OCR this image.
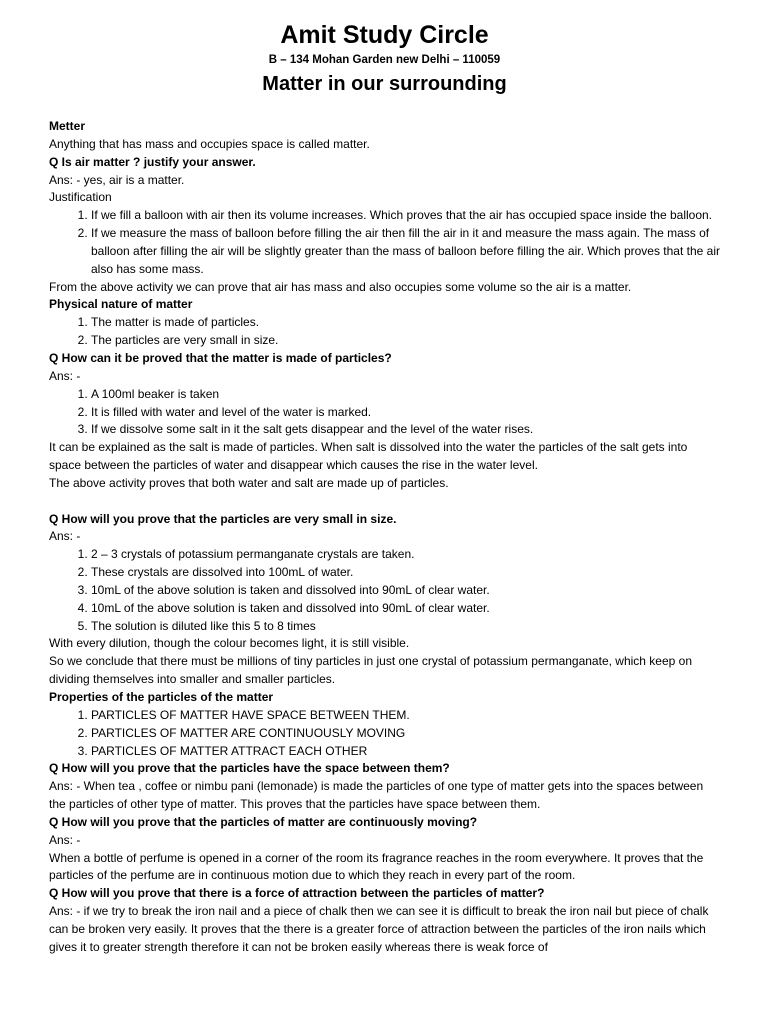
Amit Study Circle
B – 134 Mohan Garden new Delhi – 110059
Matter in our surrounding

Metter

Anything that has mass and occupies space is called matter.

Q Is air matter ? justify your answer.

Ans: - yes, air is a matter.

Justification

1. If we fill a balloon with air then its volume increases. Which proves that the air has occupied space inside the balloon.
2. If we measure the mass of balloon before filling the air then fill the air in it and measure the mass again. The mass of balloon after filling the air will be slightly greater than the mass of balloon before filling the air. Which proves that the air also has some mass.

From the above activity we can prove that air has mass and also occupies some volume so the air is a matter.

Physical nature of matter

1. The matter is made of particles.
2. The particles are very small in size.

Q How can it be proved that the matter is made of particles?

Ans: -

1. A 100ml beaker is taken
2. It is filled with water and level of the water is marked.
3. If we dissolve some salt in it the salt gets disappear and the level of the water rises.

It can be explained as the salt is made of particles. When salt is dissolved into the water the particles of the salt gets into space between the particles of water and disappear which causes the rise in the water level.

The above activity proves that both water and salt are made up of particles.

Q How will you prove that the particles are very small in size.

Ans: -

1. 2 – 3 crystals of potassium permanganate crystals are taken.
2. These crystals are dissolved into 100mL of water.
3. 10mL of the above solution is taken and dissolved into 90mL of clear water.
4. 10mL of the above solution is taken and dissolved into 90mL of clear water.
5. The solution is diluted like this 5 to 8 times

With every dilution, though the colour becomes light, it is still visible.

So we conclude that there must be millions of tiny particles in just one crystal of potassium permanganate, which keep on dividing themselves into smaller and smaller particles.

Properties of the particles of the matter

1. PARTICLES OF MATTER HAVE SPACE BETWEEN THEM.
2. PARTICLES OF MATTER ARE CONTINUOUSLY MOVING
3. PARTICLES OF MATTER ATTRACT EACH OTHER

Q How will you prove that the particles have the space between them?

Ans: - When tea , coffee or nimbu pani (lemonade) is made the particles of one type of matter gets into the spaces between the particles of other type of matter. This proves that the particles have space between them.

Q How will you prove that the particles of matter are continuously moving?

Ans: -

When a bottle of perfume is opened in a corner of the room its fragrance reaches in the room everywhere. It proves that the particles of the perfume are in continuous motion due to which they reach in every part of the room.

Q How will you prove that there is a force of attraction between the particles of matter?

Ans: - if we try to break the iron nail and a piece of chalk then we can see it is difficult to break the iron nail but piece of chalk can be broken very easily. It proves that the there is a greater force of attraction between the particles of the iron nails which gives it to greater strength therefore it can not be broken easily whereas there is weak force of
